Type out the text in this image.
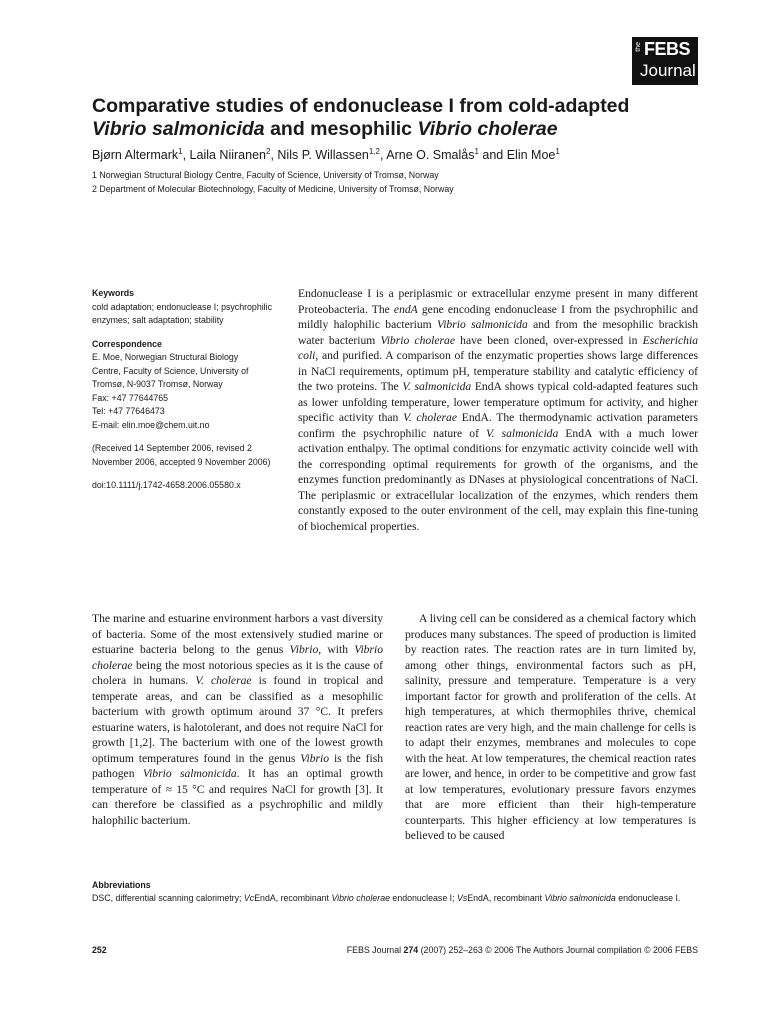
the FEBS
Journal
Comparative studies of endonuclease I from cold-adapted
Vibrio salmonicida and mesophilic Vibrio cholerae
Bjørn Altermark$^1$, Laila Niiranen$^2$, Nils P. Willassen$^{1,2}$, Arne O. Smalås$^1$ and Elin Moe$^1$
1 Norwegian Structural Biology Centre, Faculty of Science, University of Tromsø, Norway
2 Department of Molecular Biotechnology, Faculty of Medicine, University of Tromsø, Norway
Keywords
cold adaptation; endonuclease I; psychrophilic enzymes; salt adaptation; stability
Correspondence
E. Moe, Norwegian Structural Biology
Centre, Faculty of Science, University of
Tromsø, N-9037 Tromsø, Norway
Fax: +47 77644765
Tel: +47 77646473
E-mail: elin.moe@chem.uit.no
(Received 14 September 2006, revised 2 November 2006, accepted 9 November 2006)
doi:10.1111/j.1742-4658.2006.05580.x
Endonuclease I is a periplasmic or extracellular enzyme present in many different Proteobacteria. The endA gene encoding endonuclease I from the psychrophilic and mildly halophilic bacterium Vibrio salmonicida and from the mesophilic brackish water bacterium Vibrio cholerae have been cloned, over-expressed in Escherichia coli, and purified. A comparison of the enzymatic properties shows large differences in NaCl requirements, optimum pH, temperature stability and catalytic efficiency of the two proteins. The V. salmonicida EndA shows typical cold-adapted features such as lower unfolding temperature, lower temperature optimum for activity, and higher specific activity than V. cholerae EndA. The thermodynamic activation parameters confirm the psychrophilic nature of V. salmonicida EndA with a much lower activation enthalpy. The optimal conditions for enzymatic activity coincide well with the corresponding optimal requirements for growth of the organisms, and the enzymes function predominantly as DNases at physiological concentrations of NaCl. The periplasmic or extracellular localization of the enzymes, which renders them constantly exposed to the outer environment of the cell, may explain this fine-tuning of biochemical properties.

The marine and estuarine environment harbors a vast diversity of bacteria. Some of the most extensively studied marine or estuarine bacteria belong to the genus Vibrio, with Vibrio cholerae being the most notorious species as it is the cause of cholera in humans. V. cholerae is found in tropical and temperate areas, and can be classified as a mesophilic bacterium with growth optimum around 37 °C. It prefers estuarine waters, is halotolerant, and does not require NaCl for growth [1,2]. The bacterium with one of the lowest growth optimum temperatures found in the genus Vibrio is the fish pathogen Vibrio salmonicida. It has an optimal growth temperature of ≈ 15 °C and requires NaCl for growth [3]. It can therefore be classified as a psychrophilic and mildly halophilic bacterium.

A living cell can be considered as a chemical factory which produces many substances. The speed of production is limited by reaction rates. The reaction rates are in turn limited by, among other things, environmental factors such as pH, salinity, pressure and temperature. Temperature is a very important factor for growth and proliferation of the cells. At high temperatures, at which thermophiles thrive, chemical reaction rates are very high, and the main challenge for cells is to adapt their enzymes, membranes and molecules to cope with the heat. At low temperatures, the chemical reaction rates are lower, and hence, in order to be competitive and grow fast at low temperatures, evolutionary pressure favors enzymes that are more efficient than their high-temperature counterparts. This higher efficiency at low temperatures is believed to be caused

Abbreviations
DSC, differential scanning calorimetry; VcEndA, recombinant Vibrio cholerae endonuclease I; VsEndA, recombinant Vibrio salmonicida endonuclease I.
252	FEBS Journal 274 (2007) 252–263 © 2006 The Authors Journal compilation © 2006 FEBS
